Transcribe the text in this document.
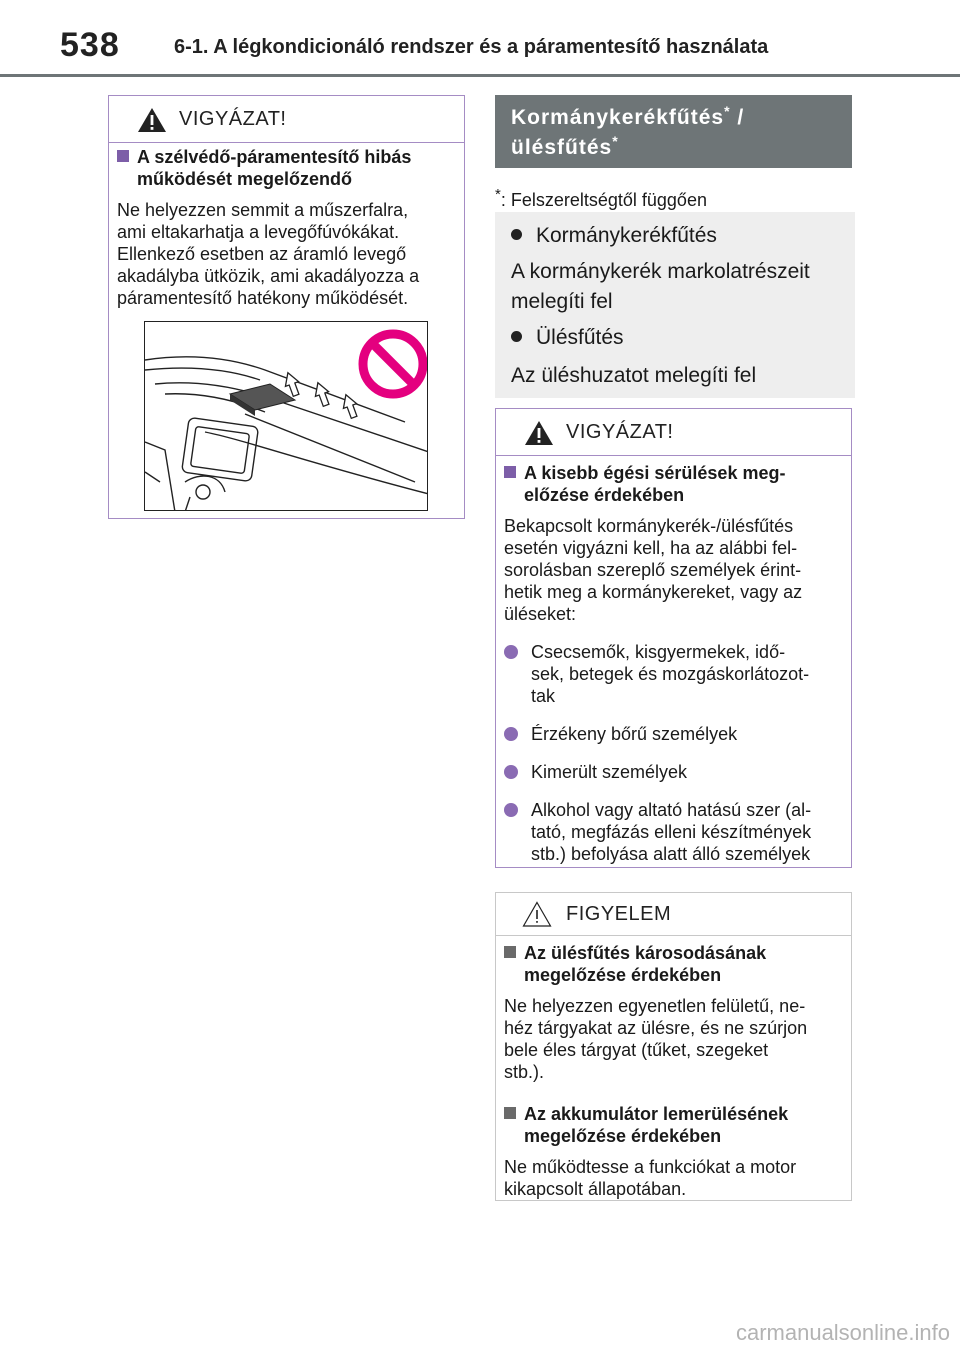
538	6-1. A légkondicionáló rendszer és a páramentesítő használata
VIGYÁZAT!
A szélvédő-páramentesítő hibás
működését megelőzendő
Ne helyezzen semmit a műszerfalra,
ami eltakarhatja a levegőfúvókákat.
Ellenkező esetben az áramló levegő
akadályba ütközik, ami akadályozza a
páramentesítő hatékony működését.
Kormánykerékfűtés* /
ülésfűtés*
*: Felszereltségtől függően
Kormánykerékfűtés
A kormánykerék markolatrészeit
melegíti fel
Ülésfűtés
Az üléshuzatot melegíti fel
VIGYÁZAT!
A kisebb égési sérülések meg-
előzése érdekében
Bekapcsolt kormánykerék-/ülésfűtés
esetén vigyázni kell, ha az alábbi fel-
sorolásban szereplő személyek érint-
hetik meg a kormánykereket, vagy az
üléseket:
Csecsemők, kisgyermekek, idő-
sek, betegek és mozgáskorlátozot-
tak
Érzékeny bőrű személyek
Kimerült személyek
Alkohol vagy altató hatású szer (al-
tató, megfázás elleni készítmények
stb.) befolyása alatt álló személyek
FIGYELEM
Az ülésfűtés károsodásának
megelőzése érdekében
Ne helyezzen egyenetlen felületű, ne-
héz tárgyakat az ülésre, és ne szúrjon
bele éles tárgyat (tűket, szegeket
stb.).
Az akkumulátor lemerülésének
megelőzése érdekében
Ne működtesse a funkciókat a motor
kikapcsolt állapotában.
carmanualsonline.info
